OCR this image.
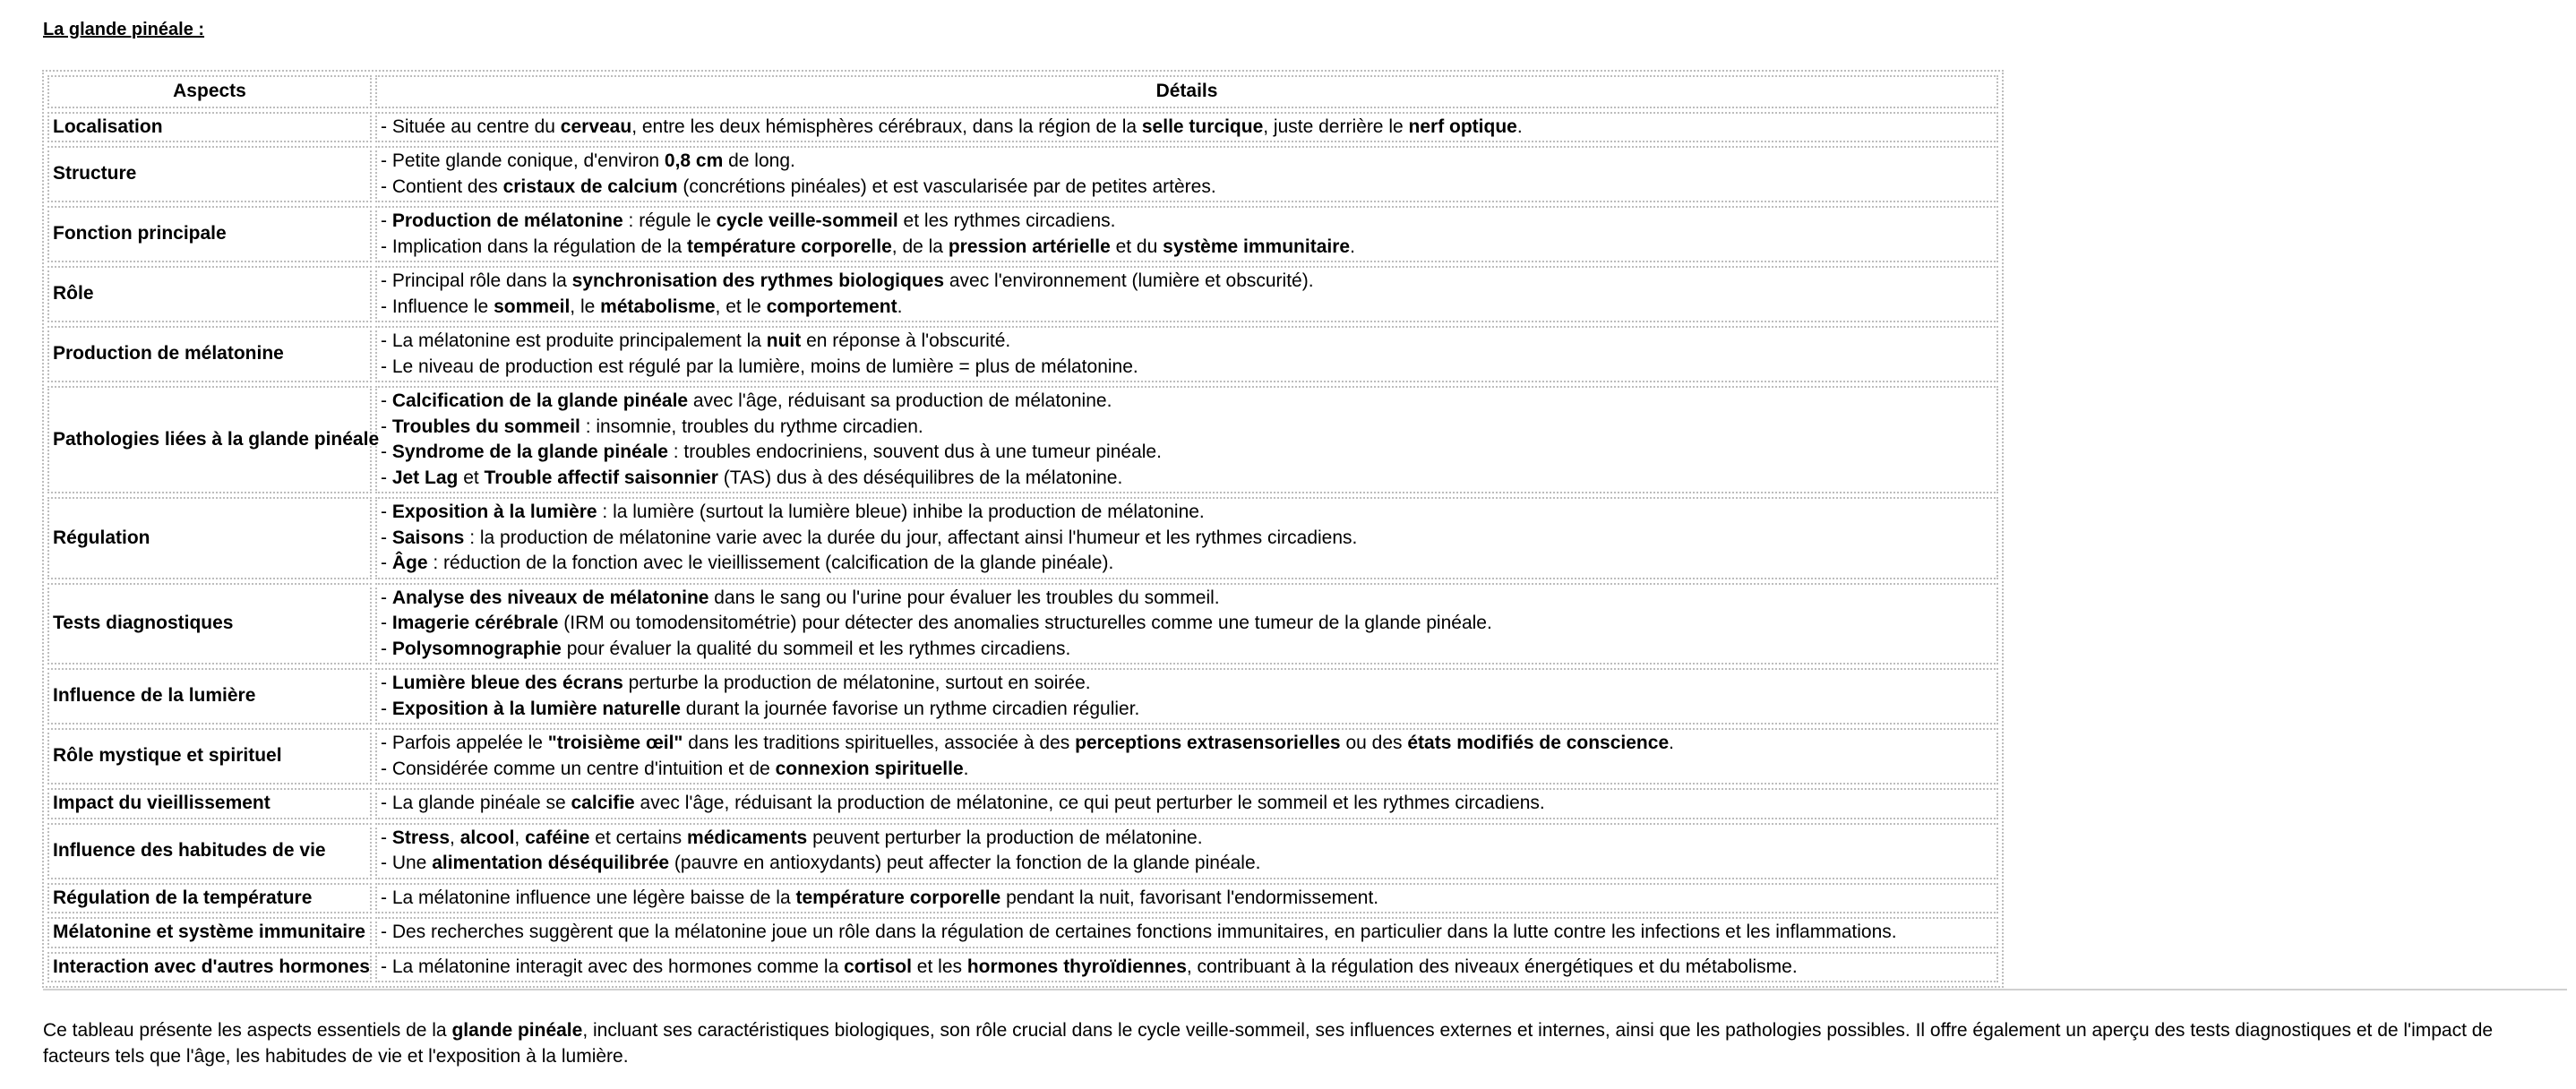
La glande pinéale :
Aspects	Détails
Localisation	- Située au centre du cerveau, entre les deux hémisphères cérébraux, dans la région de la selle turcique, juste derrière le nerf optique.

Structure	- Petite glande conique, d'environ 0,8 cm de long.
- Contient des cristaux de calcium (concrétions pinéales) et est vascularisée par de petites artères.

Fonction principale	- Production de mélatonine : régule le cycle veille-sommeil et les rythmes circadiens.
- Implication dans la régulation de la température corporelle, de la pression artérielle et du système immunitaire.

Rôle	- Principal rôle dans la synchronisation des rythmes biologiques avec l'environnement (lumière et obscurité).
- Influence le sommeil, le métabolisme, et le comportement.

Production de mélatonine	- La mélatonine est produite principalement la nuit en réponse à l'obscurité.
- Le niveau de production est régulé par la lumière, moins de lumière = plus de mélatonine.

Pathologies liées à la glande pinéale	- Calcification de la glande pinéale avec l'âge, réduisant sa production de mélatonine.
- Troubles du sommeil : insomnie, troubles du rythme circadien.
- Syndrome de la glande pinéale : troubles endocriniens, souvent dus à une tumeur pinéale.
- Jet Lag et Trouble affectif saisonnier (TAS) dus à des déséquilibres de la mélatonine.

Régulation	- Exposition à la lumière : la lumière (surtout la lumière bleue) inhibe la production de mélatonine.
- Saisons : la production de mélatonine varie avec la durée du jour, affectant ainsi l'humeur et les rythmes circadiens.
- Âge : réduction de la fonction avec le vieillissement (calcification de la glande pinéale).

Tests diagnostiques	- Analyse des niveaux de mélatonine dans le sang ou l'urine pour évaluer les troubles du sommeil.
- Imagerie cérébrale (IRM ou tomodensitométrie) pour détecter des anomalies structurelles comme une tumeur de la glande pinéale.
- Polysomnographie pour évaluer la qualité du sommeil et les rythmes circadiens.

Influence de la lumière	- Lumière bleue des écrans perturbe la production de mélatonine, surtout en soirée.
- Exposition à la lumière naturelle durant la journée favorise un rythme circadien régulier.

Rôle mystique et spirituel	- Parfois appelée le "troisième œil" dans les traditions spirituelles, associée à des perceptions extrasensorielles ou des états modifiés de conscience.
- Considérée comme un centre d'intuition et de connexion spirituelle.

Impact du vieillissement	- La glande pinéale se calcifie avec l'âge, réduisant la production de mélatonine, ce qui peut perturber le sommeil et les rythmes circadiens.

Influence des habitudes de vie	- Stress, alcool, caféine et certains médicaments peuvent perturber la production de mélatonine.
- Une alimentation déséquilibrée (pauvre en antioxydants) peut affecter la fonction de la glande pinéale.

Régulation de la température	- La mélatonine influence une légère baisse de la température corporelle pendant la nuit, favorisant l'endormissement.

Mélatonine et système immunitaire	- Des recherches suggèrent que la mélatonine joue un rôle dans la régulation de certaines fonctions immunitaires, en particulier dans la lutte contre les infections et les inflammations.

Interaction avec d'autres hormones	- La mélatonine interagit avec des hormones comme la cortisol et les hormones thyroïdiennes, contribuant à la régulation des niveaux énergétiques et du métabolisme.
Ce tableau présente les aspects essentiels de la glande pinéale, incluant ses caractéristiques biologiques, son rôle crucial dans le cycle veille-sommeil, ses influences externes et internes, ainsi que les pathologies possibles. Il offre également un aperçu des tests diagnostiques et de l'impact de facteurs tels que l'âge, les habitudes de vie et l'exposition à la lumière.
